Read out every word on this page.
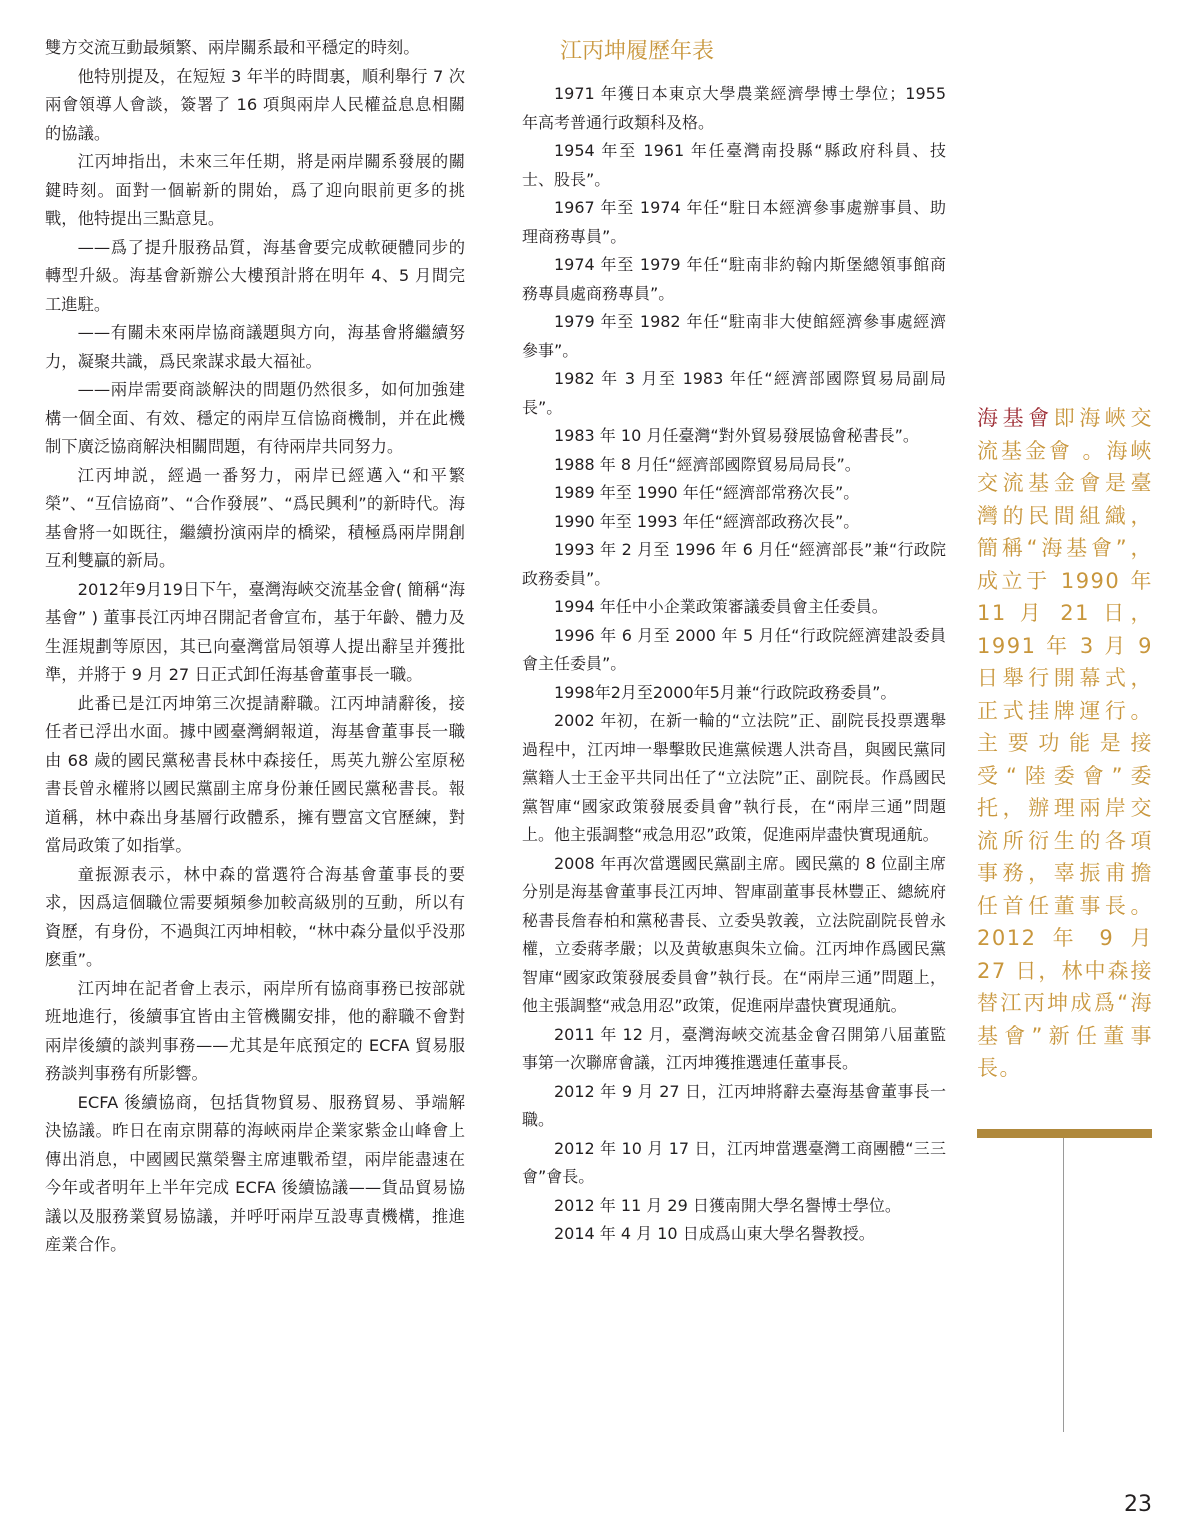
雙方交流互動最頻繁、兩岸關系最和平穩定的時刻。

他特別提及，在短短 3 年半的時間裏，順利舉行 7 次兩會領導人會談，簽署了 16 項與兩岸人民權益息息相關的協議。

江丙坤指出，未來三年任期，將是兩岸關系發展的關鍵時刻。面對一個嶄新的開始，爲了迎向眼前更多的挑戰，他特提出三點意見。

——爲了提升服務品質，海基會要完成軟硬體同步的轉型升級。海基會新辦公大樓預計將在明年 4、5 月間完工進駐。

——有關未來兩岸協商議題與方向，海基會將繼續努力，凝聚共識，爲民衆謀求最大福祉。

——兩岸需要商談解決的問題仍然很多，如何加強建構一個全面、有效、穩定的兩岸互信協商機制，并在此機制下廣泛協商解決相關問題，有待兩岸共同努力。

江丙坤説，經過一番努力，兩岸已經邁入“和平繁榮”、“互信協商”、“合作發展”、“爲民興利”的新時代。海基會將一如既往，繼續扮演兩岸的橋梁，積極爲兩岸開創互利雙贏的新局。

2012年9月19日下午，臺灣海峽交流基金會( 簡稱“海基會” ) 董事長江丙坤召開記者會宣布，基于年齡、體力及生涯規劃等原因，其已向臺灣當局領導人提出辭呈并獲批準，并將于 9 月 27 日正式卸任海基會董事長一職。

此番已是江丙坤第三次提請辭職。江丙坤請辭後，接任者已浮出水面。據中國臺灣網報道，海基會董事長一職由 68 歲的國民黨秘書長林中森接任，馬英九辦公室原秘書長曾永權將以國民黨副主席身份兼任國民黨秘書長。報道稱，林中森出身基層行政體系，擁有豐富文官歷練，對當局政策了如指掌。

童振源表示，林中森的當選符合海基會董事長的要求，因爲這個職位需要頻頻參加較高級別的互動，所以有資歷，有身份，不過與江丙坤相較，“林中森分量似乎没那麽重”。

江丙坤在記者會上表示，兩岸所有協商事務已按部就班地進行，後續事宜皆由主管機關安排，他的辭職不會對兩岸後續的談判事務——尤其是年底預定的 ECFA 貿易服務談判事務有所影響。

ECFA 後續協商，包括貨物貿易、服務貿易、爭端解決協議。昨日在南京開幕的海峽兩岸企業家紫金山峰會上傳出消息，中國國民黨榮譽主席連戰希望，兩岸能盡速在今年或者明年上半年完成 ECFA 後續協議——貨品貿易協議以及服務業貿易協議，并呼吁兩岸互設專責機構，推進産業合作。

江丙坤履歷年表

1971 年獲日本東京大學農業經濟學博士學位；1955 年高考普通行政類科及格。

1954 年至 1961 年任臺灣南投縣“縣政府科員、技士、股長”。

1967 年至 1974 年任“駐日本經濟參事處辦事員、助理商務專員”。

1974 年至 1979 年任“駐南非約翰内斯堡總領事館商務專員處商務專員”。

1979 年至 1982 年任“駐南非大使館經濟參事處經濟參事”。

1982 年 3 月至 1983 年任“經濟部國際貿易局副局長”。

1983 年 10 月任臺灣“對外貿易發展協會秘書長”。

1988 年 8 月任“經濟部國際貿易局局長”。

1989 年至 1990 年任“經濟部常務次長”。

1990 年至 1993 年任“經濟部政務次長”。

1993 年 2 月至 1996 年 6 月任“經濟部長”兼“行政院政務委員”。

1994 年任中小企業政策審議委員會主任委員。

1996 年 6 月至 2000 年 5 月任“行政院經濟建設委員會主任委員”。

1998年2月至2000年5月兼“行政院政務委員”。

2002 年初，在新一輪的“立法院”正、副院長投票選舉過程中，江丙坤一舉擊敗民進黨候選人洪奇昌，與國民黨同黨籍人士王金平共同出任了“立法院”正、副院長。作爲國民黨智庫“國家政策發展委員會”執行長，在“兩岸三通”問題上。他主張調整“戒急用忍”政策，促進兩岸盡快實現通航。

2008 年再次當選國民黨副主席。國民黨的 8 位副主席分别是海基會董事長江丙坤、智庫副董事長林豐正、總統府秘書長詹春柏和黨秘書長、立委吳敦義，立法院副院長曾永權，立委蔣孝嚴；以及黄敏惠與朱立倫。江丙坤作爲國民黨智庫“國家政策發展委員會”執行長。在“兩岸三通”問題上，他主張調整“戒急用忍”政策，促進兩岸盡快實現通航。

2011 年 12 月，臺灣海峽交流基金會召開第八届董監事第一次聯席會議，江丙坤獲推選連任董事長。

2012 年 9 月 27 日，江丙坤將辭去臺海基會董事長一職。

2012 年 10 月 17 日，江丙坤當選臺灣工商團體“三三會”會長。

2012 年 11 月 29 日獲南開大學名譽博士學位。

2014 年 4 月 10 日成爲山東大學名譽教授。

海基會即海峽交流基金會 。海峽交流基金會是臺灣的民間組織，簡稱“海基會”，成立于 1990 年 11 月 21 日，1991 年 3 月 9 日舉行開幕式，正式挂牌運行。主要功能是接受“陸委會”委托，辦理兩岸交流所衍生的各項事務，辜振甫擔任首任董事長。2012 年 9 月 27 日，林中森接替江丙坤成爲“海基會”新任董事長。
23
